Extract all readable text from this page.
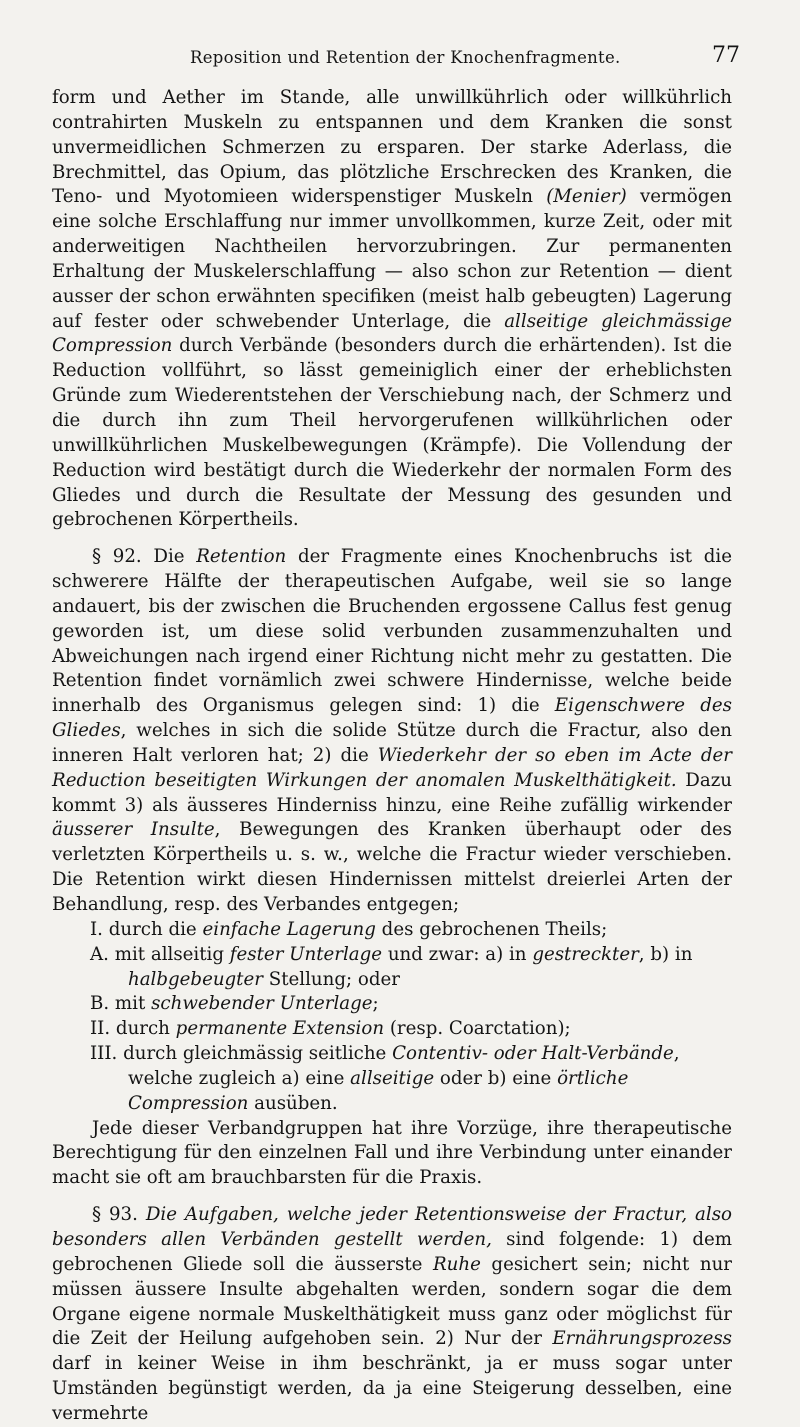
Reposition und Retention der Knochenfragmente.	77

form und Aether im Stande, alle unwillkührlich oder willkührlich contrahirten Muskeln zu entspannen und dem Kranken die sonst unvermeidlichen Schmerzen zu ersparen. Der starke Aderlass, die Brechmittel, das Opium, das plötzliche Erschrecken des Kranken, die Teno- und Myotomieen widerspenstiger Muskeln (Menier) vermögen eine solche Erschlaffung nur immer unvollkommen, kurze Zeit, oder mit anderweitigen Nachtheilen hervorzubringen. Zur permanenten Erhaltung der Muskelerschlaffung — also schon zur Retention — dient ausser der schon erwähnten specifiken (meist halb gebeugten) Lagerung auf fester oder schwebender Unterlage, die allseitige gleichmässige Compression durch Verbände (besonders durch die erhärtenden). Ist die Reduction vollführt, so lässt gemeiniglich einer der erheblichsten Gründe zum Wiederentstehen der Verschiebung nach, der Schmerz und die durch ihn zum Theil hervorgerufenen willkührlichen oder unwillkührlichen Muskelbewegungen (Krämpfe). Die Vollendung der Reduction wird bestätigt durch die Wiederkehr der normalen Form des Gliedes und durch die Resultate der Messung des gesunden und gebrochenen Körpertheils.

§ 92. Die Retention der Fragmente eines Knochenbruchs ist die schwerere Hälfte der therapeutischen Aufgabe, weil sie so lange andauert, bis der zwischen die Bruchenden ergossene Callus fest genug geworden ist, um diese solid verbunden zusammenzuhalten und Abweichungen nach irgend einer Richtung nicht mehr zu gestatten. Die Retention findet vornämlich zwei schwere Hindernisse, welche beide innerhalb des Organismus gelegen sind: 1) die Eigenschwere des Gliedes, welches in sich die solide Stütze durch die Fractur, also den inneren Halt verloren hat; 2) die Wiederkehr der so eben im Acte der Reduction beseitigten Wirkungen der anomalen Muskelthätigkeit. Dazu kommt 3) als äusseres Hinderniss hinzu, eine Reihe zufällig wirkender äusserer Insulte, Bewegungen des Kranken überhaupt oder des verletzten Körpertheils u. s. w., welche die Fractur wieder verschieben. Die Retention wirkt diesen Hindernissen mittelst dreierlei Arten der Behandlung, resp. des Verbandes entgegen;

I. durch die einfache Lagerung des gebrochenen Theils;

A. mit allseitig fester Unterlage und zwar: a) in gestreckter, b) in halbgebeugter Stellung; oder

B. mit schwebender Unterlage;

II. durch permanente Extension (resp. Coarctation);

III. durch gleichmässig seitliche Contentiv- oder Halt-Verbände,
welche zugleich a) eine allseitige oder b) eine örtliche Compression ausüben.

Jede dieser Verbandgruppen hat ihre Vorzüge, ihre therapeutische Berechtigung für den einzelnen Fall und ihre Verbindung unter einander macht sie oft am brauchbarsten für die Praxis.

§ 93. Die Aufgaben, welche jeder Retentionsweise der Fractur, also besonders allen Verbänden gestellt werden, sind folgende: 1) dem gebrochenen Gliede soll die äusserste Ruhe gesichert sein; nicht nur müssen äussere Insulte abgehalten werden, sondern sogar die dem Organe eigene normale Muskelthätigkeit muss ganz oder möglichst für die Zeit der Heilung aufgehoben sein. 2) Nur der Ernährungsprozess darf in keiner Weise in ihm beschränkt, ja er muss sogar unter Umständen begünstigt werden, da ja eine Steigerung desselben, eine vermehrte
